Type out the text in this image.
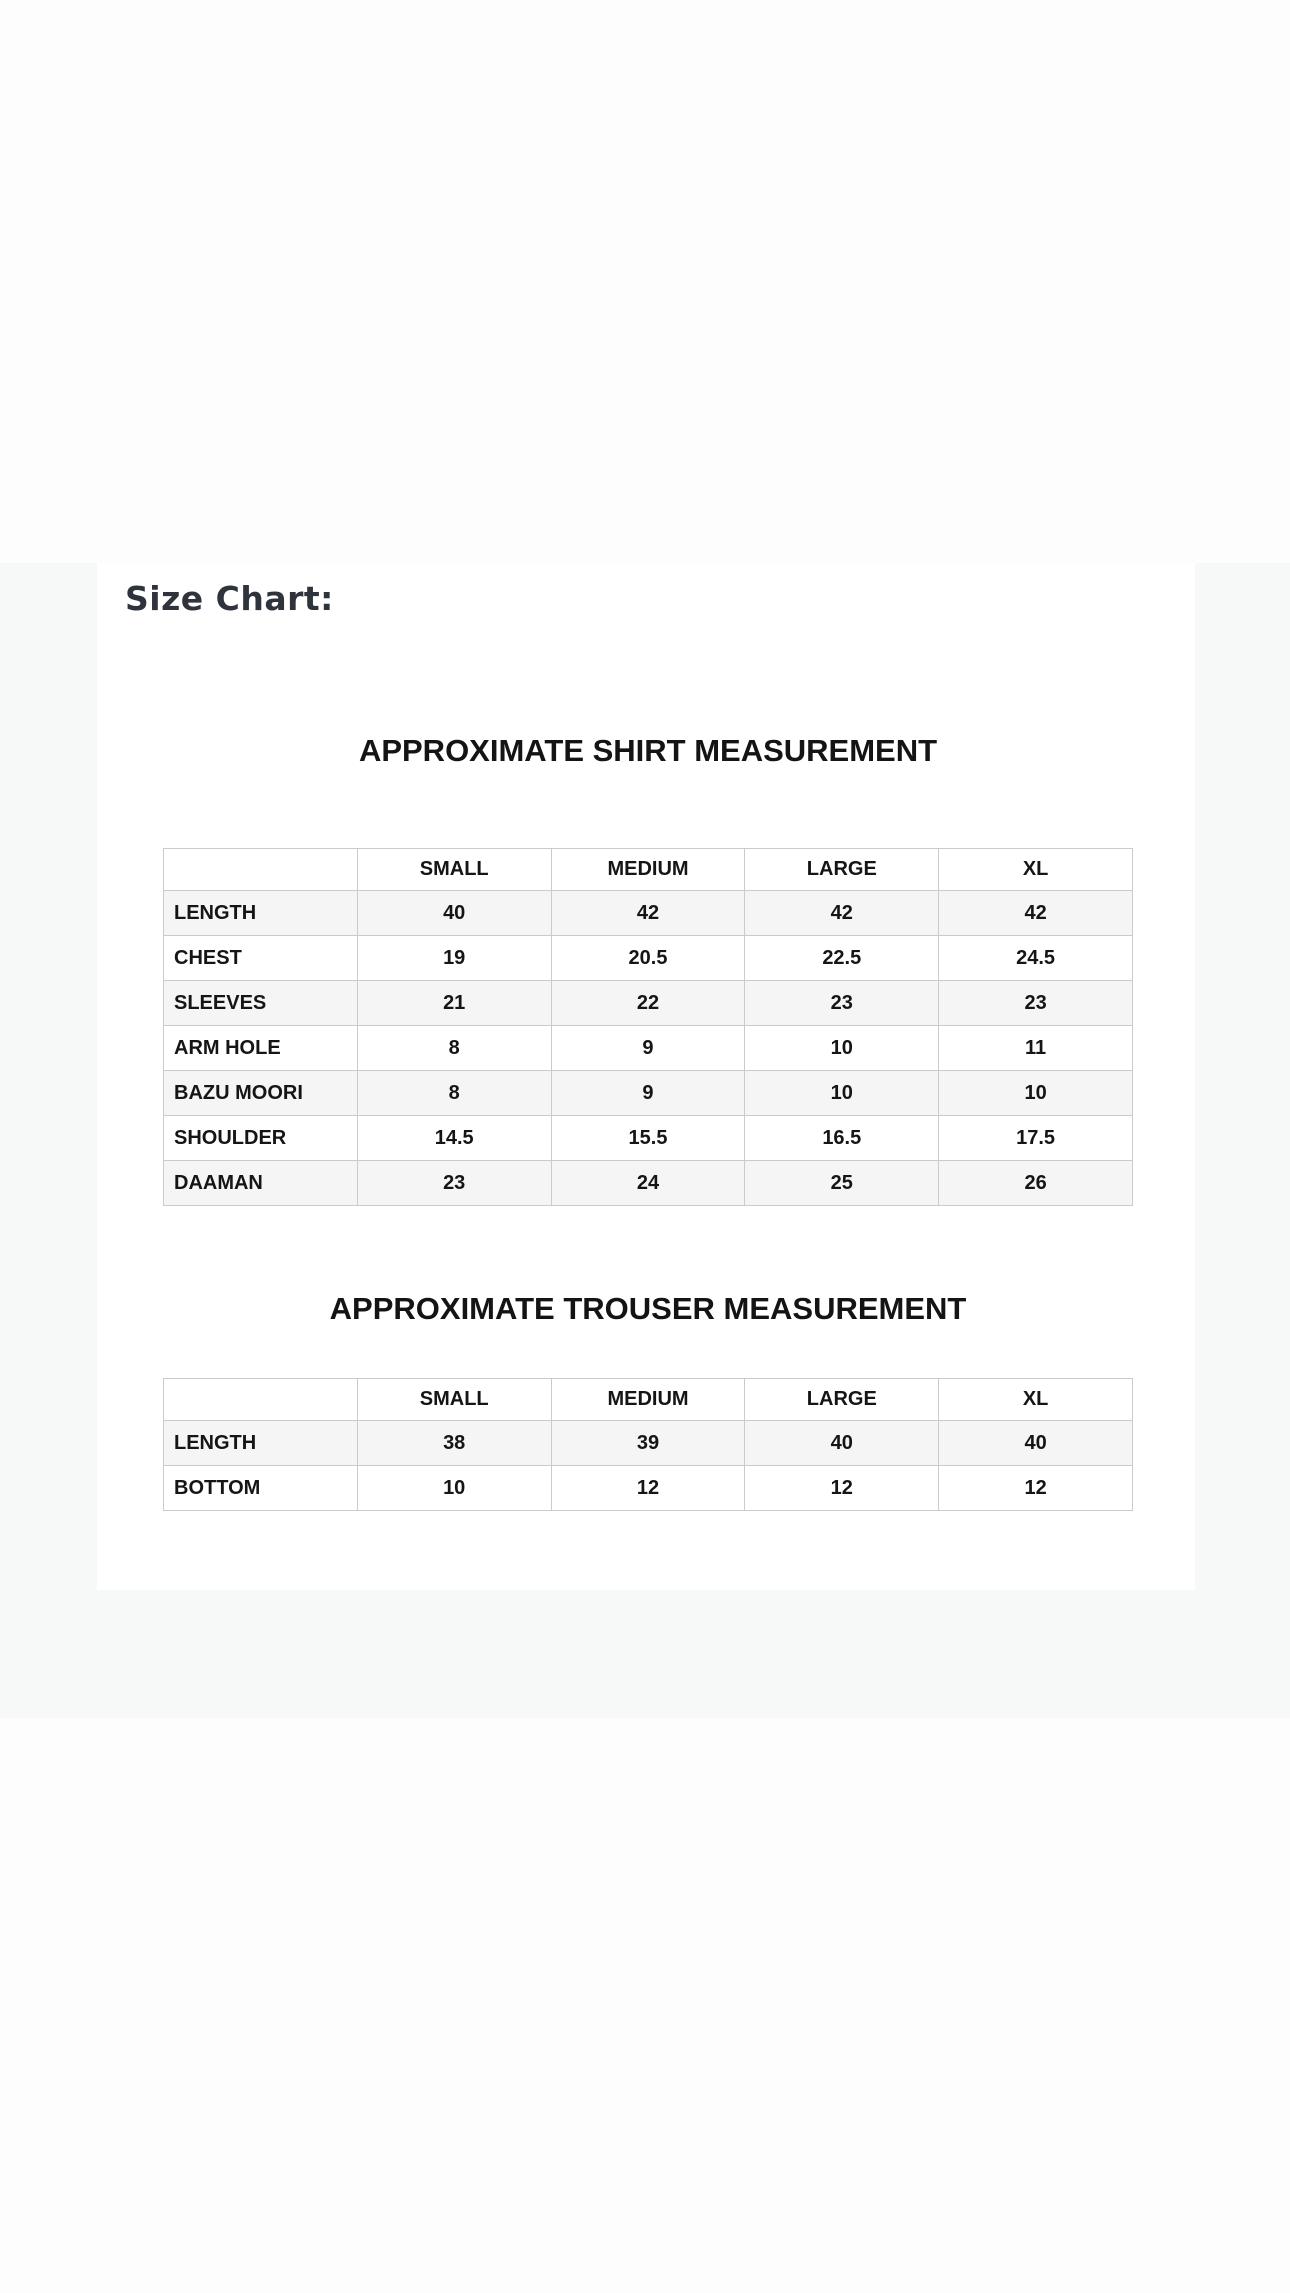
Size Chart:
APPROXIMATE SHIRT MEASUREMENT
	SMALL	MEDIUM	LARGE	XL
LENGTH	40	42	42	42
CHEST	19	20.5	22.5	24.5
SLEEVES	21	22	23	23
ARM HOLE	8	9	10	11
BAZU MOORI	8	9	10	10
SHOULDER	14.5	15.5	16.5	17.5
DAAMAN	23	24	25	26
APPROXIMATE TROUSER MEASUREMENT
	SMALL	MEDIUM	LARGE	XL
LENGTH	38	39	40	40
BOTTOM	10	12	12	12
